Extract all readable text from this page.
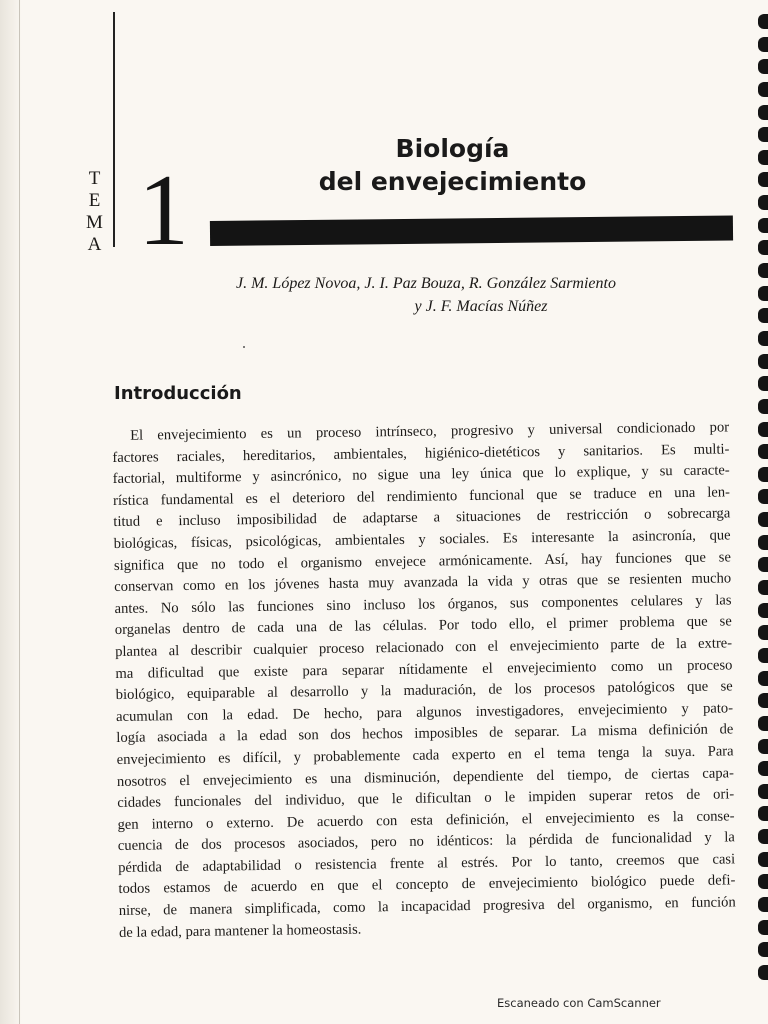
T
E
M
A 1
Biología
del envejecimiento
J. M. López Novoa, J. I. Paz Bouza, R. González Sarmiento
y J. F. Macías Núñez
Introducción
El envejecimiento es un proceso intrínseco, progresivo y universal condicionado por
factores raciales, hereditarios, ambientales, higiénico-dietéticos y sanitarios. Es multi-
factorial, multiforme y asincrónico, no sigue una ley única que lo explique, y su caracte-
rística fundamental es el deterioro del rendimiento funcional que se traduce en una len-
titud e incluso imposibilidad de adaptarse a situaciones de restricción o sobrecarga
biológicas, físicas, psicológicas, ambientales y sociales. Es interesante la asincronía, que
significa que no todo el organismo envejece armónicamente. Así, hay funciones que se
conservan como en los jóvenes hasta muy avanzada la vida y otras que se resienten mucho
antes. No sólo las funciones sino incluso los órganos, sus componentes celulares y las
organelas dentro de cada una de las células. Por todo ello, el primer problema que se
plantea al describir cualquier proceso relacionado con el envejecimiento parte de la extre-
ma dificultad que existe para separar nítidamente el envejecimiento como un proceso
biológico, equiparable al desarrollo y la maduración, de los procesos patológicos que se
acumulan con la edad. De hecho, para algunos investigadores, envejecimiento y pato-
logía asociada a la edad son dos hechos imposibles de separar. La misma definición de
envejecimiento es difícil, y probablemente cada experto en el tema tenga la suya. Para
nosotros el envejecimiento es una disminución, dependiente del tiempo, de ciertas capa-
cidades funcionales del individuo, que le dificultan o le impiden superar retos de ori-
gen interno o externo. De acuerdo con esta definición, el envejecimiento es la conse-
cuencia de dos procesos asociados, pero no idénticos: la pérdida de funcionalidad y la
pérdida de adaptabilidad o resistencia frente al estrés. Por lo tanto, creemos que casi
todos estamos de acuerdo en que el concepto de envejecimiento biológico puede defi-
nirse, de manera simplificada, como la incapacidad progresiva del organismo, en función
de la edad, para mantener la homeostasis.
Escaneado con CamScanner
